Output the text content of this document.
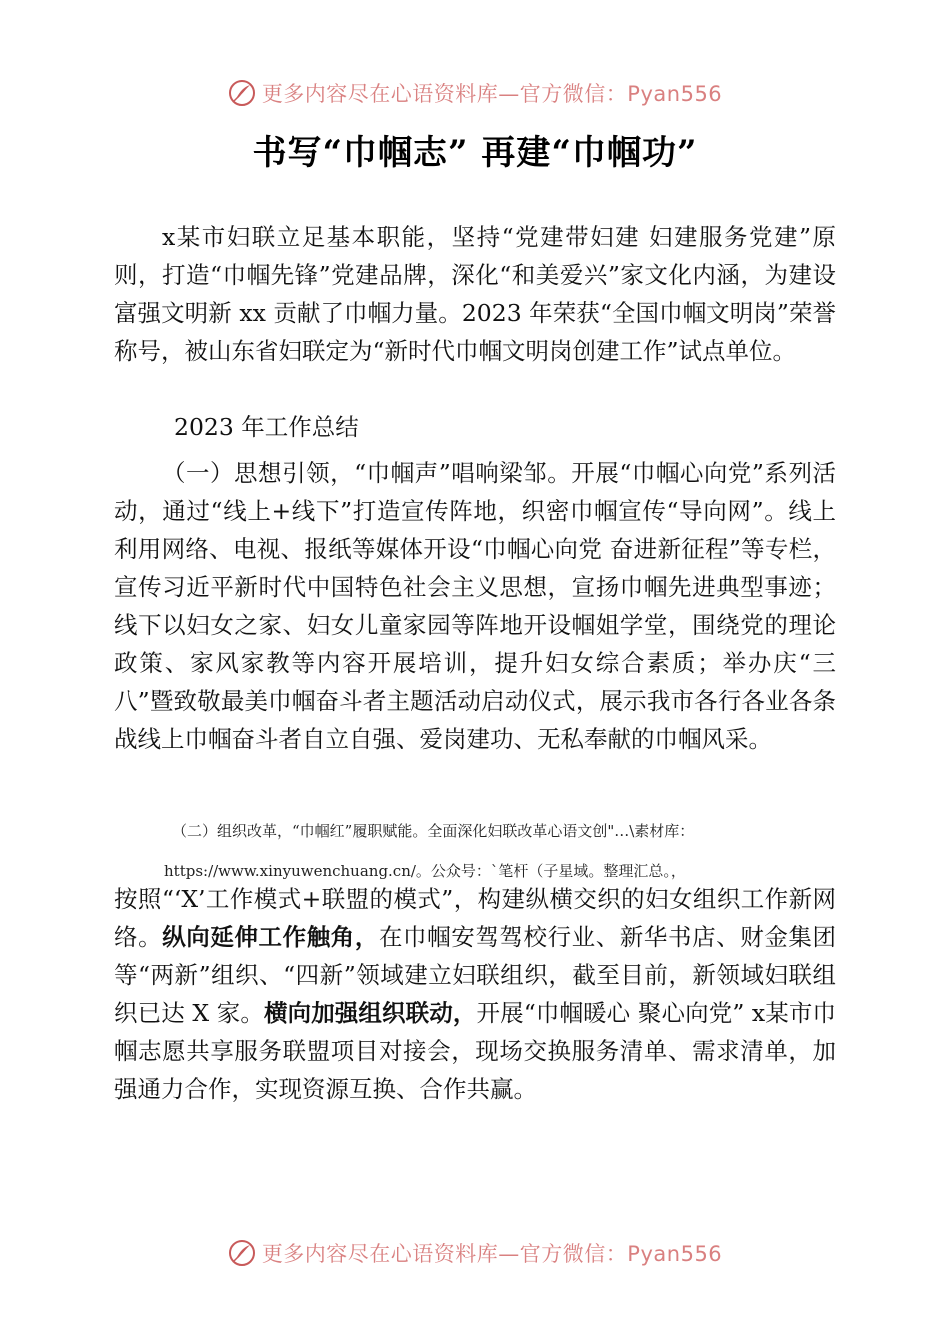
更多内容尽在心语资料库—官方微信：Pyan556
书写“巾帼志” 再建“巾帼功”

x某市妇联立足基本职能，坚持“党建带妇建 妇建服务党建”原则，打造“巾帼先锋”党建品牌，深化“和美爱兴”家文化内涵，为建设富强文明新 xx 贡献了巾帼力量。2023 年荣获“全国巾帼文明岗”荣誉称号，被山东省妇联定为“新时代巾帼文明岗创建工作”试点单位。

2023 年工作总结

（一）思想引领，“巾帼声”唱响梁邹。开展“巾帼心向党”系列活动，通过“线上+线下”打造宣传阵地，织密巾帼宣传“导向网”。线上利用网络、电视、报纸等媒体开设“巾帼心向党 奋进新征程”等专栏，宣传习近平新时代中国特色社会主义思想，宣扬巾帼先进典型事迹；线下以妇女之家、妇女儿童家园等阵地开设帼姐学堂，围绕党的理论政策、家风家教等内容开展培训，提升妇女综合素质；举办庆“三八”暨致敬最美巾帼奋斗者主题活动启动仪式，展示我市各行各业各条战线上巾帼奋斗者自立自强、爱岗建功、无私奉献的巾帼风采。

（二）组织改革，“巾帼红”履职赋能。全面深化妇联改革心语文创"…\素材库：

https://www.xinyuwenchuang.cn/。公众号：`笔杆（子星域。整理汇总。，

按照“‘X’工作模式+联盟的模式”，构建纵横交织的妇女组织工作新网络。纵向延伸工作触角，在巾帼安驾驾校行业、新华书店、财金集团等“两新”组织、“四新”领域建立妇联组织，截至目前，新领域妇联组织已达 X 家。横向加强组织联动，开展“巾帼暖心 聚心向党” x某市巾帼志愿共享服务联盟项目对接会，现场交换服务清单、需求清单，加强通力合作，实现资源互换、合作共赢。

更多内容尽在心语资料库—官方微信：Pyan556
